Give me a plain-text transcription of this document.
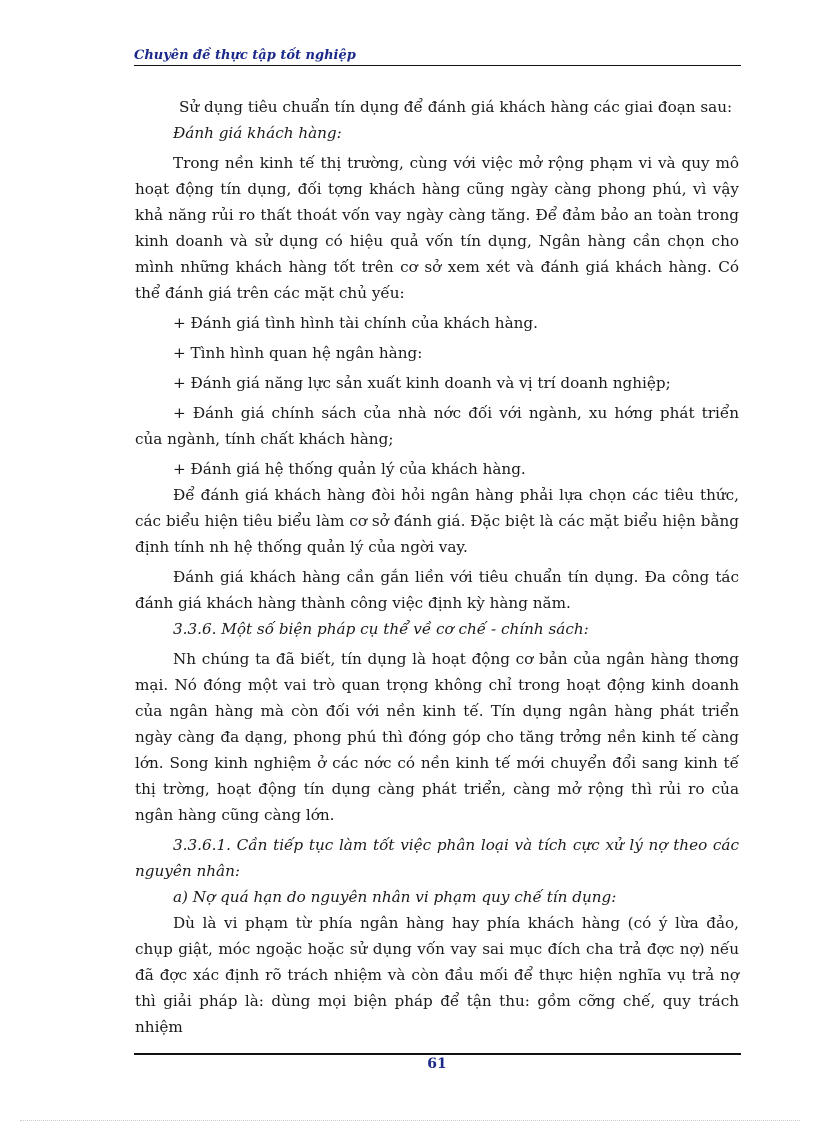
Chuyên đề thực tập tốt nghiệp

Sử dụng tiêu chuẩn tín dụng để đánh giá khách hàng các giai đoạn sau:

Đánh giá khách hàng:

Trong nền kinh tế thị trường, cùng với việc mở rộng phạm vi và quy mô hoạt động tín dụng, đối tợng khách hàng cũng ngày càng phong phú, vì vậy khả năng rủi ro thất thoát vốn vay ngày càng tăng. Để đảm bảo an toàn trong kinh doanh và sử dụng có hiệu quả vốn tín dụng, Ngân hàng cần chọn cho mình những khách hàng tốt trên cơ sở xem xét và đánh giá khách hàng. Có thể đánh giá trên các mặt chủ yếu:

+ Đánh giá tình hình tài chính của khách hàng.

+ Tình hình quan hệ ngân hàng:

+ Đánh giá năng lực sản xuất kinh doanh và vị trí doanh nghiệp;

+ Đánh giá chính sách của nhà nớc đối với ngành, xu hớng phát triển của ngành, tính chất khách hàng;

+ Đánh giá hệ thống quản lý của khách hàng.

Để đánh giá khách hàng đòi hỏi ngân hàng phải lựa chọn các tiêu thức, các biểu hiện tiêu biểu làm cơ sở đánh giá. Đặc biệt là các mặt biểu hiện bằng định tính nh hệ thống quản lý của ngời vay.

Đánh giá khách hàng cần gắn liền với tiêu chuẩn tín dụng. Đa công tác đánh giá khách hàng thành công việc định kỳ hàng năm.

3.3.6. Một số biện pháp cụ thể về cơ chế - chính sách:

Nh chúng ta đã biết, tín dụng là hoạt động cơ bản của ngân hàng thơng mại. Nó đóng một vai trò quan trọng không chỉ trong hoạt động kinh doanh của ngân hàng mà còn đối với nền kinh tế. Tín dụng ngân hàng phát triển ngày càng đa dạng, phong phú thì đóng góp cho tăng trởng nền kinh tế càng lớn. Song kinh nghiệm ở các nớc có nền kinh tế mới chuyển đổi sang kinh tế thị trờng, hoạt động tín dụng càng phát triển, càng mở rộng thì rủi ro của ngân hàng cũng càng lớn.

3.3.6.1. Cần tiếp tục làm tốt việc phân loại và tích cực xử lý nợ theo các nguyên nhân:

a) Nợ quá hạn do nguyên nhân vi phạm quy chế tín dụng:

Dù là vi phạm từ phía ngân hàng hay phía khách hàng (có ý lừa đảo, chụp giật, móc ngoặc hoặc sử dụng vốn vay sai mục đích cha trả đợc nợ) nếu đã đợc xác định rõ trách nhiệm và còn đầu mối để thực hiện nghĩa vụ trả nợ thì giải pháp là: dùng mọi biện pháp để tận thu: gồm cỡng chế, quy trách nhiệm

61
